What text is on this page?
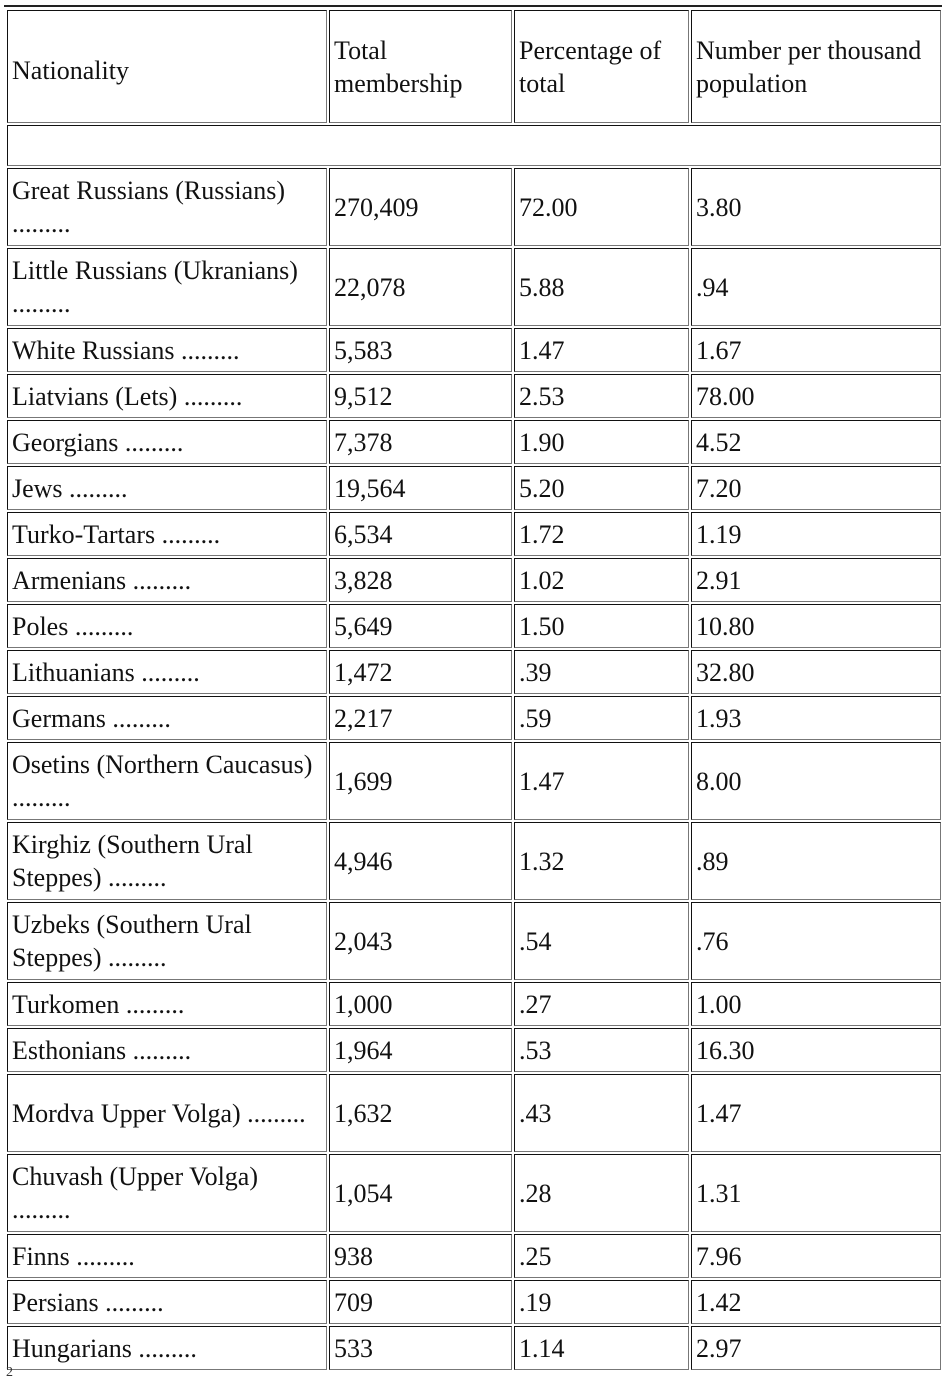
Nationality	Total membership	Percentage of total	Number per thousand population

Great Russians (Russians) .........	270,409	72.00	3.80
Little Russians (Ukranians) .........	22,078	5.88	.94
White Russians .........	5,583	1.47	1.67
Liatvians (Lets) .........	9,512	2.53	78.00
Georgians .........	7,378	1.90	4.52
Jews .........	19,564	5.20	7.20
Turko-Tartars .........	6,534	1.72	1.19
Armenians .........	3,828	1.02	2.91
Poles .........	5,649	1.50	10.80
Lithuanians .........	1,472	.39	32.80
Germans .........	2,217	.59	1.93
Osetins (Northern Caucasus) .........	1,699	1.47	8.00
Kirghiz (Southern Ural Steppes) .........	4,946	1.32	.89
Uzbeks (Southern Ural Steppes) .........	2,043	.54	.76
Turkomen .........	1,000	.27	1.00
Esthonians .........	1,964	.53	16.30
Mordva Upper Volga) .........	1,632	.43	1.47
Chuvash (Upper Volga) .........	1,054	.28	1.31
Finns .........	938	.25	7.96
Persians .........	709	.19	1.42
Hungarians .........	533	1.14	2.97
2
